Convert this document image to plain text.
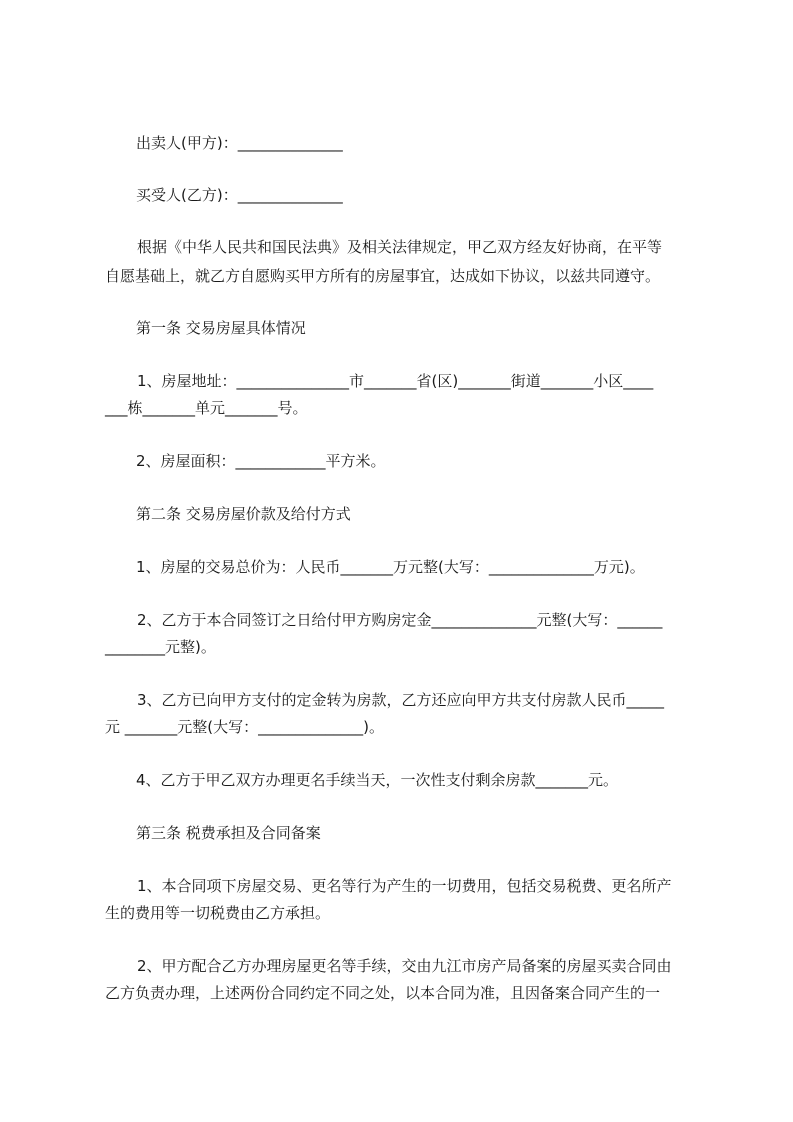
出卖人(甲方)：______________

买受人(乙方)：______________

根据《中华人民共和国民法典》及相关法律规定，甲乙双方经友好协商，在平等

自愿基础上，就乙方自愿购买甲方所有的房屋事宜，达成如下协议，以兹共同遵守。

第一条 交易房屋具体情况

1、房屋地址：_______________市_______省(区)_______街道_______小区____

___栋_______单元_______号。

2、房屋面积：____________平方米。

第二条 交易房屋价款及给付方式

1、房屋的交易总价为：人民币_______万元整(大写：______________万元)。

2、乙方于本合同签订之日给付甲方购房定金______________元整(大写：______

________元整)。

3、乙方已向甲方支付的定金转为房款，乙方还应向甲方共支付房款人民币_____

元 _______元整(大写：______________)。

4、乙方于甲乙双方办理更名手续当天，一次性支付剩余房款_______元。

第三条 税费承担及合同备案

1、本合同项下房屋交易、更名等行为产生的一切费用，包括交易税费、更名所产

生的费用等一切税费由乙方承担。

2、甲方配合乙方办理房屋更名等手续，交由九江市房产局备案的房屋买卖合同由

乙方负责办理，上述两份合同约定不同之处，以本合同为准，且因备案合同产生的一
